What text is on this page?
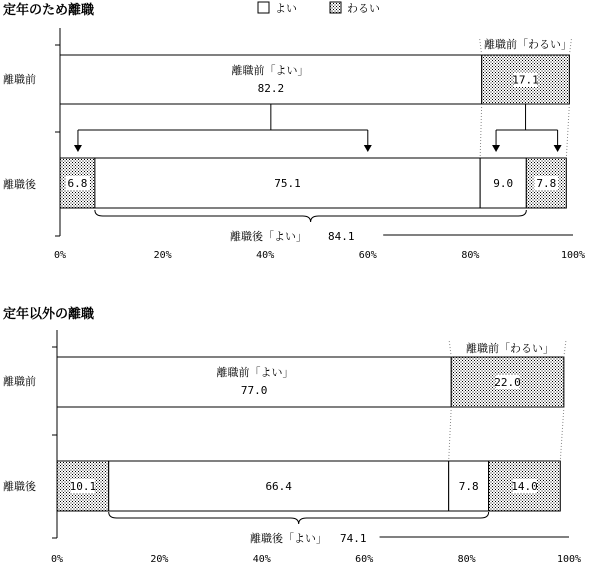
定年のため離職
定年以外の離職
よい	わるい
離職前
離職後
82.2
17.1
6.8	75.1	9.0 7.8
0%	20%	40%	60%	80%	100%
離職前「よい」
離職前「わるい」
離職後「よい」 84.1
離職前
離職後
77.0
22.0
10.1	66.4	7.8	14.0
0%	20%	40%	60%	80%	100%
離職前「よい」
離職前「わるい」
離職後「よい」 74.1
